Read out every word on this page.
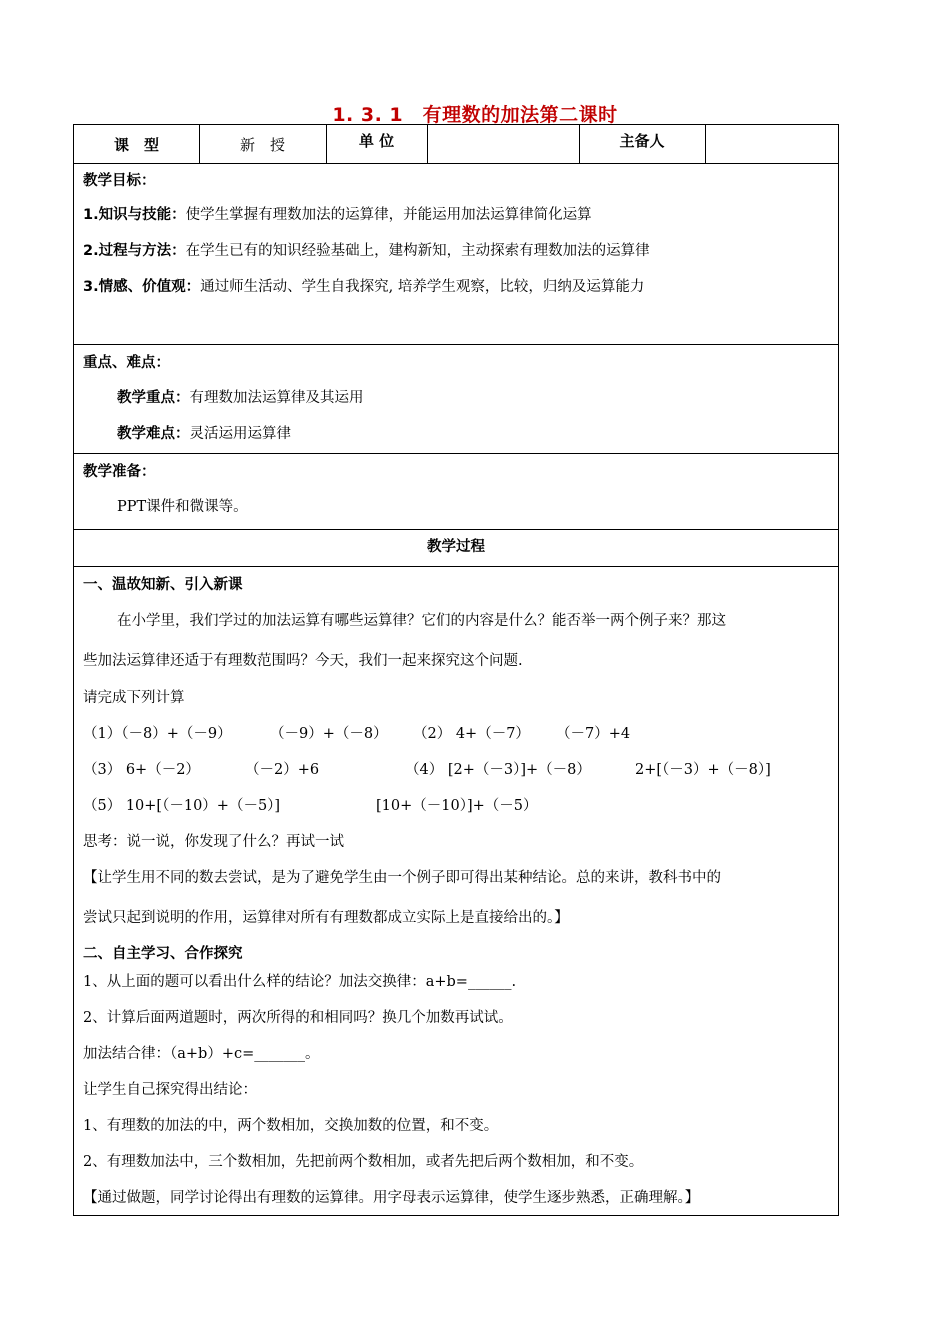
1. 3. 1　有理数的加法第二课时
课　型	新　授	单 位	主备人
教学目标：
1.知识与技能：使学生掌握有理数加法的运算律，并能运用加法运算律简化运算
2.过程与方法：在学生已有的知识经验基础上，建构新知，主动探索有理数加法的运算律
3.情感、价值观：通过师生活动、学生自我探究, 培养学生观察，比较，归纳及运算能力
重点、难点：
教学重点：有理数加法运算律及其运用
教学难点：灵活运用运算律
教学准备：
PPT课件和微课等。
教学过程
一、温故知新、引入新课
在小学里，我们学过的加法运算有哪些运算律？它们的内容是什么？能否举一两个例子来？那这
些加法运算律还适于有理数范围吗？今天，我们一起来探究这个问题.
请完成下列计算
（1）（－8）+（－9）	（－9）+（－8） （2） 4+（－7） （－7）+4
（3） 6+（－2）	（－2）+6	（4） [2+（－3）]+（－8）	2+[（－3）+（－8）]
（5） 10+[（－10）+（－5）]	[10+（－10）]+（－5）
思考：说一说，你发现了什么？再试一试
【让学生用不同的数去尝试，是为了避免学生由一个例子即可得出某种结论。总的来讲，教科书中的
尝试只起到说明的作用，运算律对所有有理数都成立实际上是直接给出的。】
二、自主学习、合作探究
1、从上面的题可以看出什么样的结论？加法交换律：a+b=______.
2、计算后面两道题时，两次所得的和相同吗？换几个加数再试试。
加法结合律：（a+b）+c=_______。
让学生自己探究得出结论：
1、有理数的加法的中，两个数相加，交换加数的位置，和不变。
2、有理数加法中，三个数相加，先把前两个数相加，或者先把后两个数相加，和不变。
【通过做题，同学讨论得出有理数的运算律。用字母表示运算律，使学生逐步熟悉，正确理解。】
